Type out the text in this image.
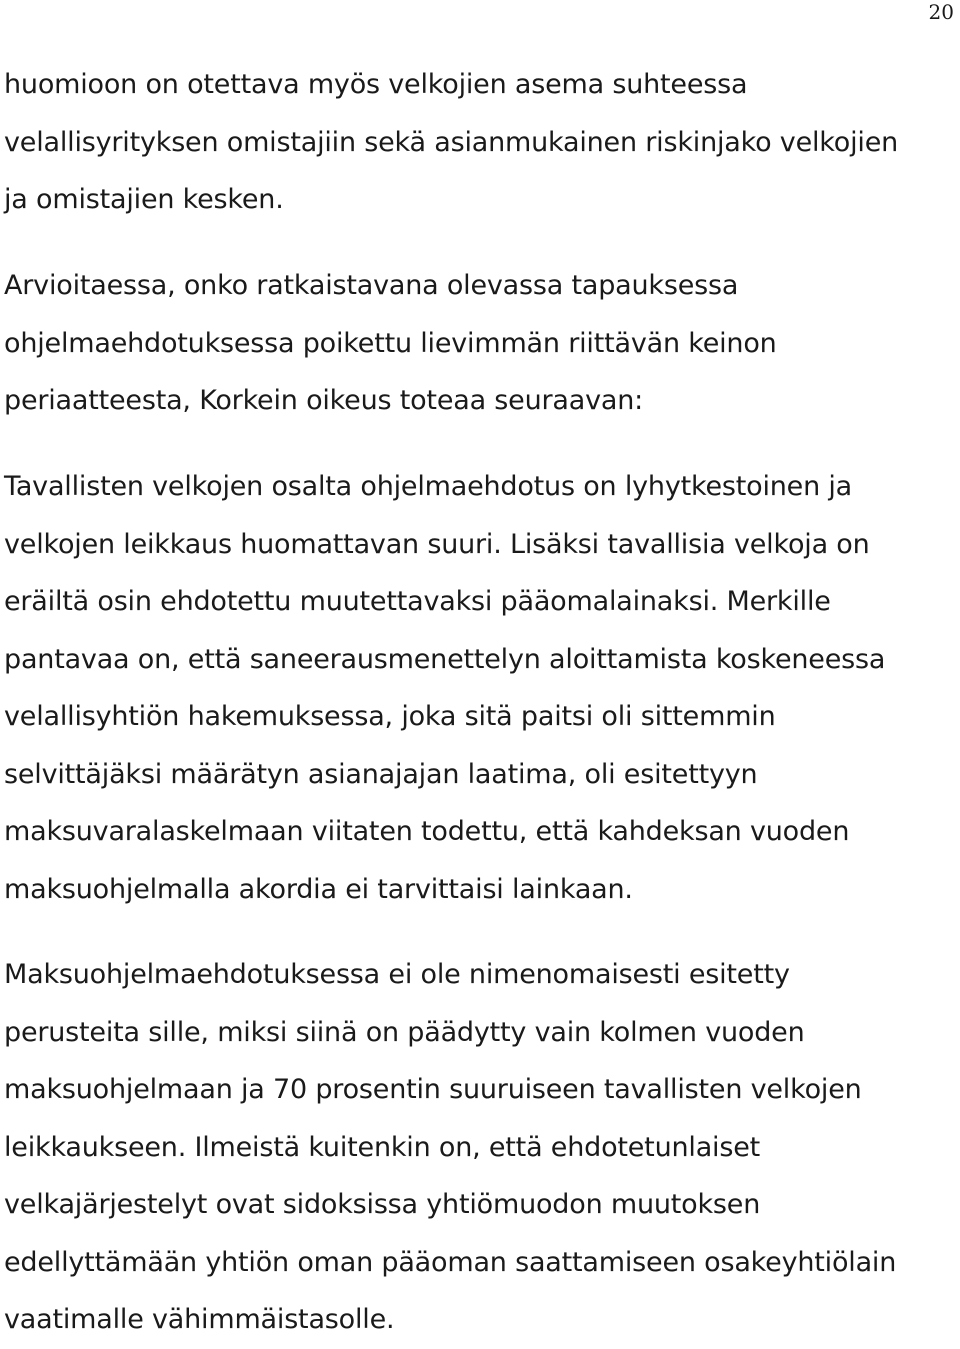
20
huomioon on otettava myös velkojien asema suhteessa
velallisyrityksen omistajiin sekä asianmukainen riskinjako velkojien
ja omistajien kesken.
Arvioitaessa, onko ratkaistavana olevassa tapauksessa
ohjelmaehdotuksessa poikettu lievimmän riittävän keinon
periaatteesta, Korkein oikeus toteaa seuraavan:
Tavallisten velkojen osalta ohjelmaehdotus on lyhytkestoinen ja
velkojen leikkaus huomattavan suuri. Lisäksi tavallisia velkoja on
eräiltä osin ehdotettu muutettavaksi pääomalainaksi. Merkille
pantavaa on, että saneerausmenettelyn aloittamista koskeneessa
velallisyhtiön hakemuksessa, joka sitä paitsi oli sittemmin
selvittäjäksi määrätyn asianajajan laatima, oli esitettyyn
maksuvaralaskelmaan viitaten todettu, että kahdeksan vuoden
maksuohjelmalla akordia ei tarvittaisi lainkaan.
Maksuohjelmaehdotuksessa ei ole nimenomaisesti esitetty
perusteita sille, miksi siinä on päädytty vain kolmen vuoden
maksuohjelmaan ja 70 prosentin suuruiseen tavallisten velkojen
leikkaukseen. Ilmeistä kuitenkin on, että ehdotetunlaiset
velkajärjestelyt ovat sidoksissa yhtiömuodon muutoksen
edellyttämään yhtiön oman pääoman saattamiseen osakeyhtiölain
vaatimalle vähimmäistasolle.
